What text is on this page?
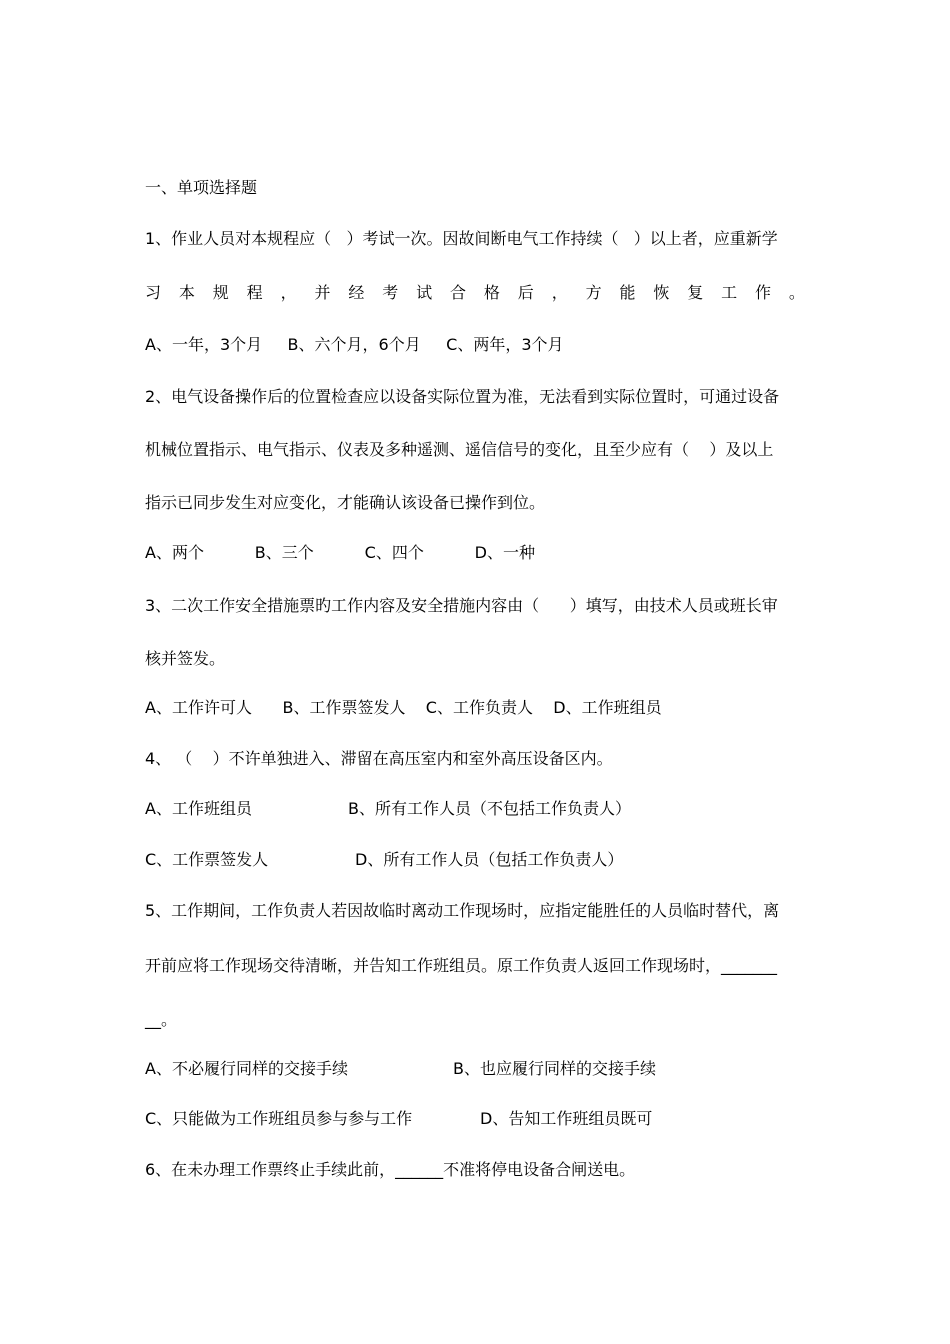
一、单项选择题
1、作业人员对本规程应（   ）考试一次。因故间断电气工作持续（   ）以上者，应重新学
习 本 规 程 ， 并 经 考 试 合 格 后 ， 方 能 恢 复 工 作 。
A、一年，3个月     B、六个月，6个月     C、两年，3个月
2、电气设备操作后的位置检查应以设备实际位置为准，无法看到实际位置时，可通过设备
机械位置指示、电气指示、仪表及多种遥测、遥信信号的变化，且至少应有（    ）及以上
指示已同步发生对应变化，才能确认该设备已操作到位。
A、两个          B、三个          C、四个          D、一种
3、二次工作安全措施票旳工作内容及安全措施内容由（      ）填写，由技术人员或班长审
核并签发。
A、工作许可人      B、工作票签发人    C、工作负责人    D、工作班组员
4、 （    ）不许单独进入、滞留在高压室内和室外高压设备区内。
A、工作班组员	B、所有工作人员（不包括工作负责人）
C、工作票签发人	D、所有工作人员（包括工作负责人）
5、工作期间，工作负责人若因故临时离动工作现场时，应指定能胜任的人员临时替代，离
开前应将工作现场交待清晰，并告知工作班组员。原工作负责人返回工作现场时，_______
__。
A、不必履行同样的交接手续	B、也应履行同样的交接手续
C、只能做为工作班组员参与参与工作	D、告知工作班组员既可
6、在未办理工作票终止手续此前，______不准将停电设备合闸送电。
